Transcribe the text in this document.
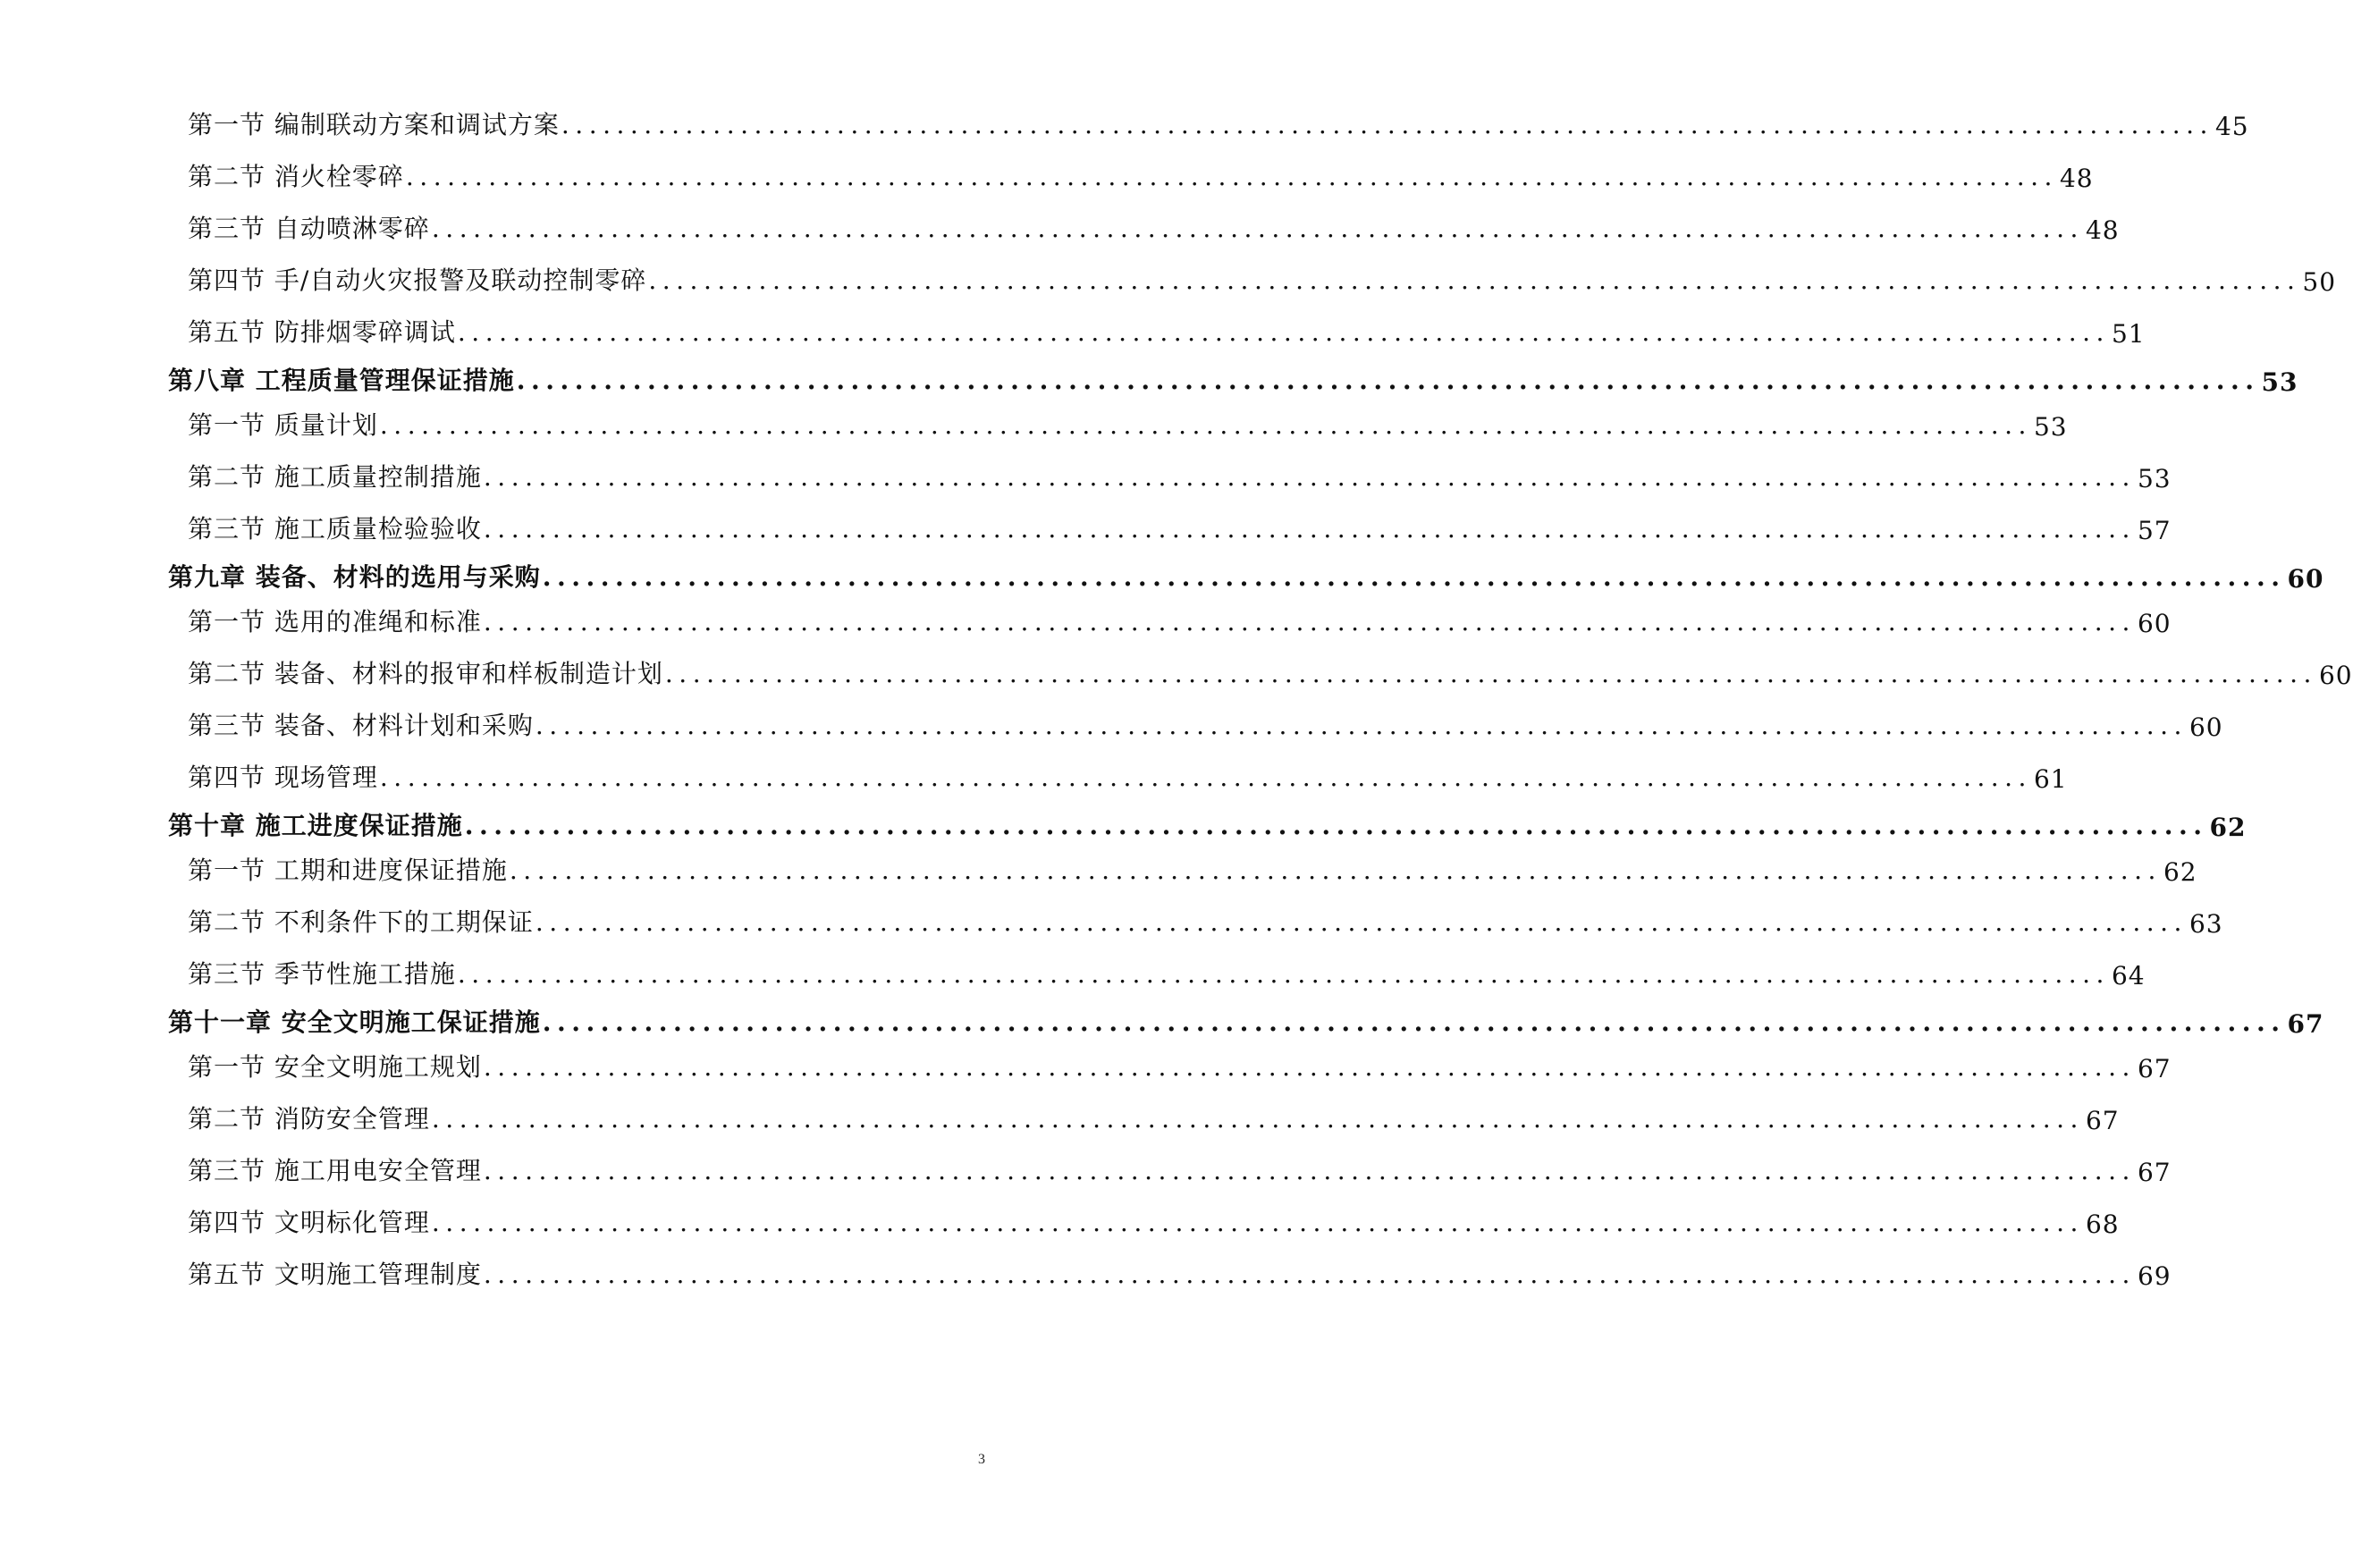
第一节 编制联动方案和调试方案 ........................................................................................................................ 45
第二节 消火栓零碎 ........................................................................................................................ 48
第三节 自动喷淋零碎 ........................................................................................................................ 48
第四节 手/自动火灾报警及联动控制零碎 ........................................................................................................................ 50
第五节 防排烟零碎调试 ........................................................................................................................ 51
第八章 工程质量管理保证措施 ........................................................................................................................ 53
第一节 质量计划 ........................................................................................................................ 53
第二节 施工质量控制措施 ........................................................................................................................ 53
第三节 施工质量检验验收 ........................................................................................................................ 57
第九章 装备、材料的选用与采购 ........................................................................................................................ 60
第一节 选用的准绳和标准 ........................................................................................................................ 60
第二节 装备、材料的报审和样板制造计划 ........................................................................................................................ 60
第三节 装备、材料计划和采购 ........................................................................................................................ 60
第四节 现场管理 ........................................................................................................................ 61
第十章 施工进度保证措施 ........................................................................................................................ 62
第一节 工期和进度保证措施 ........................................................................................................................ 62
第二节 不利条件下的工期保证 ........................................................................................................................ 63
第三节 季节性施工措施 ........................................................................................................................ 64
第十一章 安全文明施工保证措施 ........................................................................................................................ 67
第一节 安全文明施工规划 ........................................................................................................................ 67
第二节 消防安全管理 ........................................................................................................................ 67
第三节 施工用电安全管理 ........................................................................................................................ 67
第四节 文明标化管理 ........................................................................................................................ 68
第五节 文明施工管理制度 ........................................................................................................................ 69
3
